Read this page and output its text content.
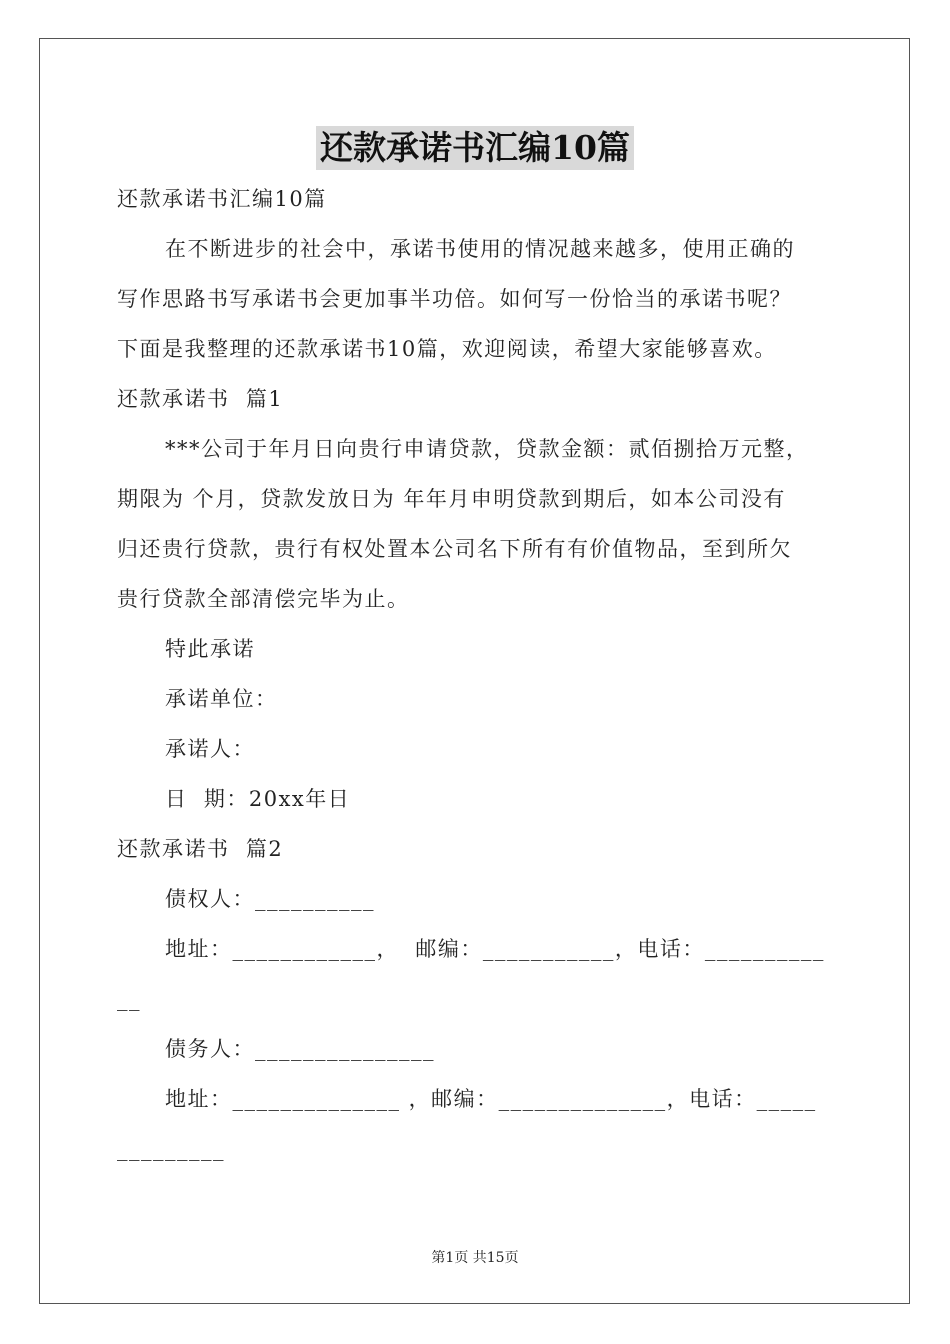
还款承诺书汇编10篇
还款承诺书汇编10篇
在不断进步的社会中，承诺书使用的情况越来越多，使用正确的
写作思路书写承诺书会更加事半功倍。如何写一份恰当的承诺书呢？
下面是我整理的还款承诺书10篇，欢迎阅读，希望大家能够喜欢。
还款承诺书  篇1
***公司于年月日向贵行申请贷款，贷款金额：贰佰捌拾万元整，
期限为 个月，贷款发放日为 年年月申明贷款到期后，如本公司没有
归还贵行贷款，贵行有权处置本公司名下所有有价值物品，至到所欠
贵行贷款全部清偿完毕为止。
特此承诺
承诺单位：
承诺人：
日  期：20xx年日
还款承诺书  篇2
债权人：__________
地址：____________，  邮编：___________，电话：__________
__
债务人：_______________
地址：______________ ，邮编：______________，电话：_____
_________
第1页 共15页
